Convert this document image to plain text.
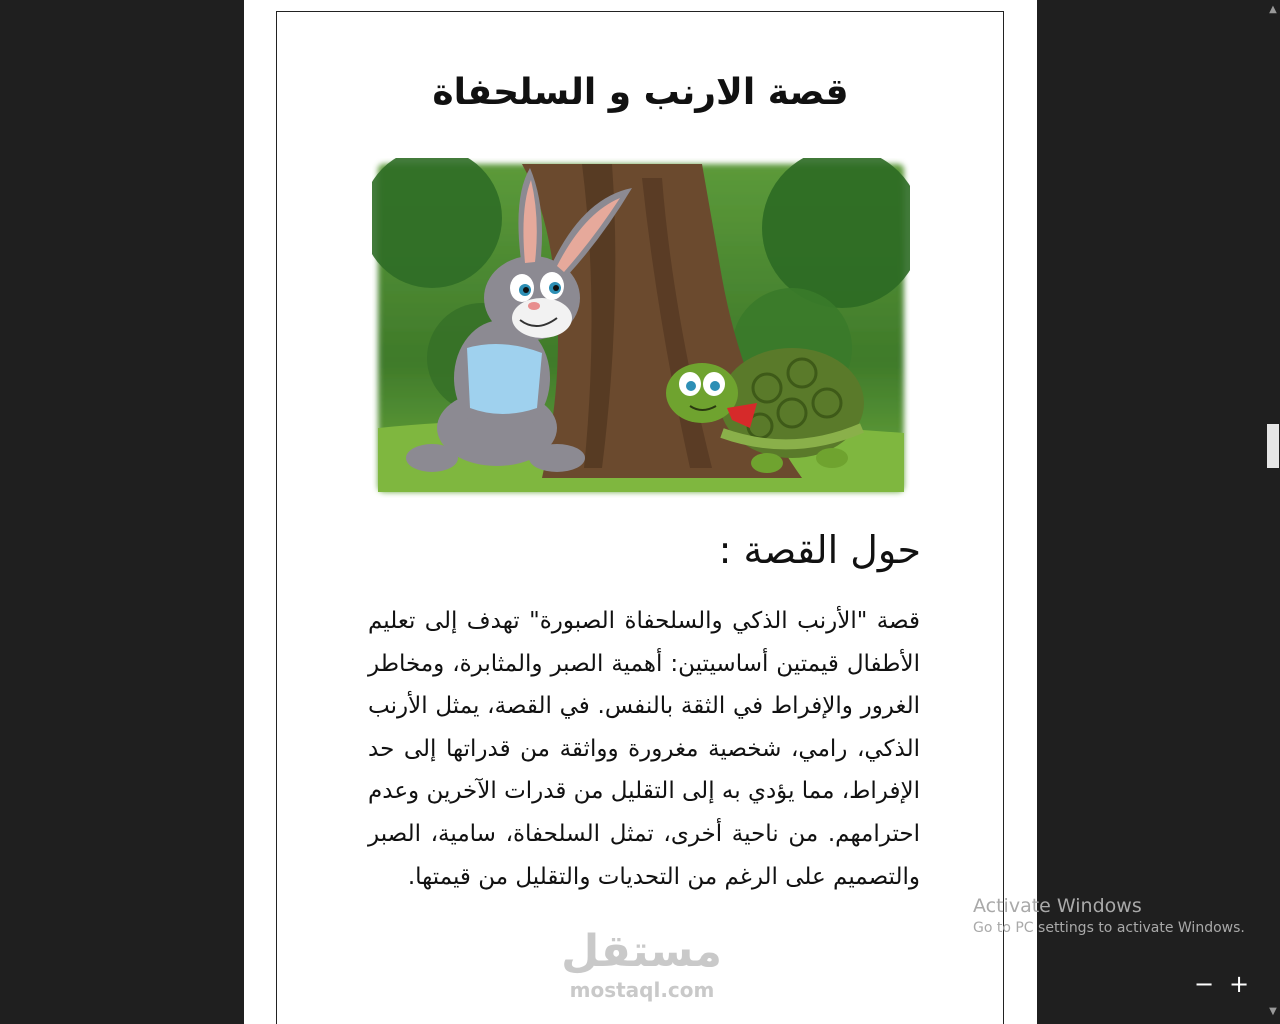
قصة الارنب و السلحفاة
حول القصة :
قصة "الأرنب الذكي والسلحفاة الصبورة" تهدف إلى تعليم الأطفال قيمتين أساسيتين: أهمية الصبر والمثابرة، ومخاطر الغرور والإفراط في الثقة بالنفس. في القصة، يمثل الأرنب الذكي، رامي، شخصية مغرورة وواثقة من قدراتها إلى حد الإفراط، مما يؤدي به إلى التقليل من قدرات الآخرين وعدم احترامهم. من ناحية أخرى، تمثل السلحفاة، سامية، الصبر والتصميم على الرغم من التحديات والتقليل من قيمتها.
مستقل
mostaql.com
Activate Windows
Go to PC settings to activate Windows.
− +
▲
▼
